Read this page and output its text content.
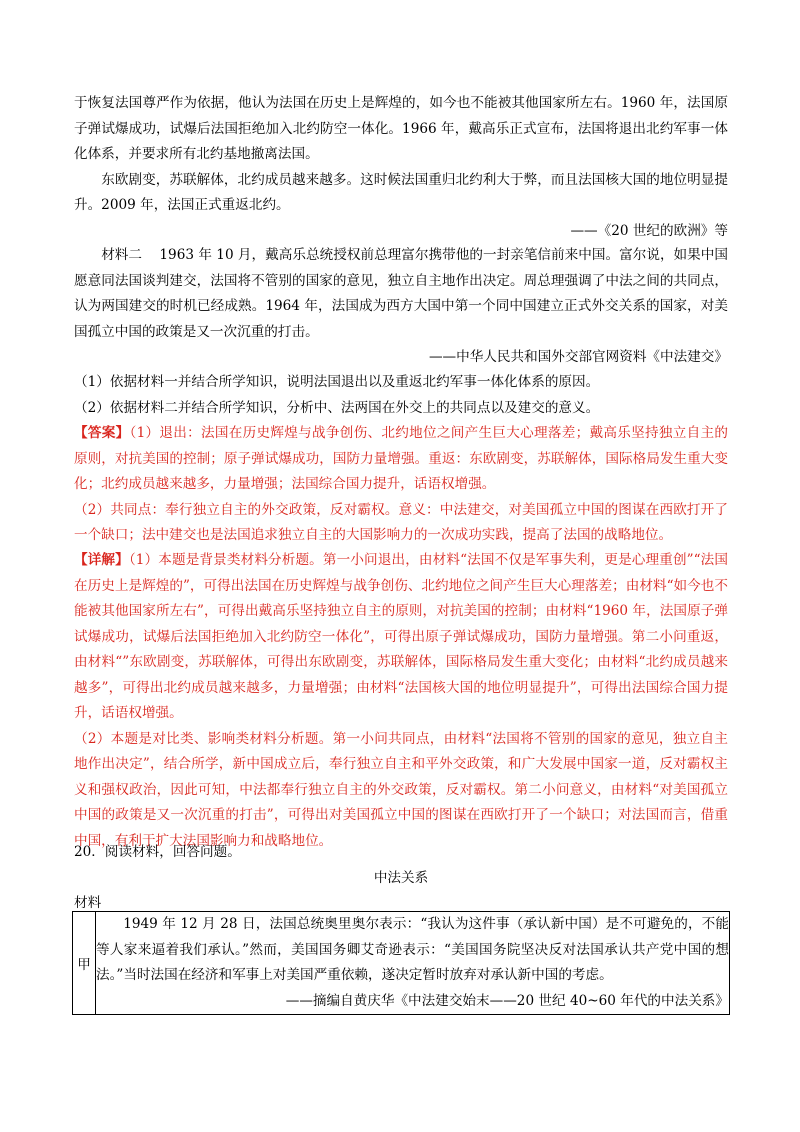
于恢复法国尊严作为依据，他认为法国在历史上是辉煌的，如今也不能被其他国家所左右。1960 年，法国原子弹试爆成功，试爆后法国拒绝加入北约防空一体化。1966 年，戴高乐正式宣布，法国将退出北约军事一体化体系，并要求所有北约基地撤离法国。

东欧剧变，苏联解体，北约成员越来越多。这时候法国重归北约利大于弊，而且法国核大国的地位明显提升。2009 年，法国正式重返北约。

——《20 世纪的欧洲》等

材料二 1963 年 10 月，戴高乐总统授权前总理富尔携带他的一封亲笔信前来中国。富尔说，如果中国愿意同法国谈判建交，法国将不管别的国家的意见，独立自主地作出决定。周总理强调了中法之间的共同点，认为两国建交的时机已经成熟。1964 年，法国成为西方大国中第一个同中国建立正式外交关系的国家，对美国孤立中国的政策是又一次沉重的打击。

——中华人民共和国外交部官网资料《中法建交》

（1）依据材料一并结合所学知识，说明法国退出以及重返北约军事一体化体系的原因。

（2）依据材料二并结合所学知识，分析中、法两国在外交上的共同点以及建交的意义。

【答案】（1）退出：法国在历史辉煌与战争创伤、北约地位之间产生巨大心理落差；戴高乐坚持独立自主的原则，对抗美国的控制；原子弹试爆成功，国防力量增强。重返：东欧剧变，苏联解体，国际格局发生重大变化；北约成员越来越多，力量增强；法国综合国力提升，话语权增强。

（2）共同点：奉行独立自主的外交政策，反对霸权。意义：中法建交，对美国孤立中国的图谋在西欧打开了一个缺口；法中建交也是法国追求独立自主的大国影响力的一次成功实践，提高了法国的战略地位。

【详解】（1）本题是背景类材料分析题。第一小问退出，由材料“法国不仅是军事失利，更是心理重创”“法国在历史上是辉煌的”，可得出法国在历史辉煌与战争创伤、北约地位之间产生巨大心理落差；由材料“如今也不能被其他国家所左右”，可得出戴高乐坚持独立自主的原则，对抗美国的控制；由材料“1960 年，法国原子弹试爆成功，试爆后法国拒绝加入北约防空一体化”，可得出原子弹试爆成功，国防力量增强。第二小问重返，由材料“”东欧剧变，苏联解体，可得出东欧剧变，苏联解体，国际格局发生重大变化；由材料“北约成员越来越多”，可得出北约成员越来越多，力量增强；由材料“法国核大国的地位明显提升”，可得出法国综合国力提升，话语权增强。

（2）本题是对比类、影响类材料分析题。第一小问共同点，由材料“法国将不管别的国家的意见，独立自主地作出决定”，结合所学，新中国成立后，奉行独立自主和平外交政策，和广大发展中国家一道，反对霸权主义和强权政治，因此可知，中法都奉行独立自主的外交政策，反对霸权。第二小问意义，由材料“对美国孤立中国的政策是又一次沉重的打击”，可得出对美国孤立中国的图谋在西欧打开了一个缺口；对法国而言，借重中国，有利于扩大法国影响力和战略地位。

20．阅读材料，回答问题。

中法关系

材料

甲	
1949 年 12 月 28 日，法国总统奥里奥尔表示：“我认为这件事（承认新中国）是不可避免的，不能等人家来逼着我们承认。”然而，美国国务卿艾奇逊表示：“美国国务院坚决反对法国承认共产党中国的想法。”当时法国在经济和军事上对美国严重依赖，遂决定暂时放弃对承认新中国的考虑。
——摘编自黄庆华《中法建交始末——20 世纪 40~60 年代的中法关系》
